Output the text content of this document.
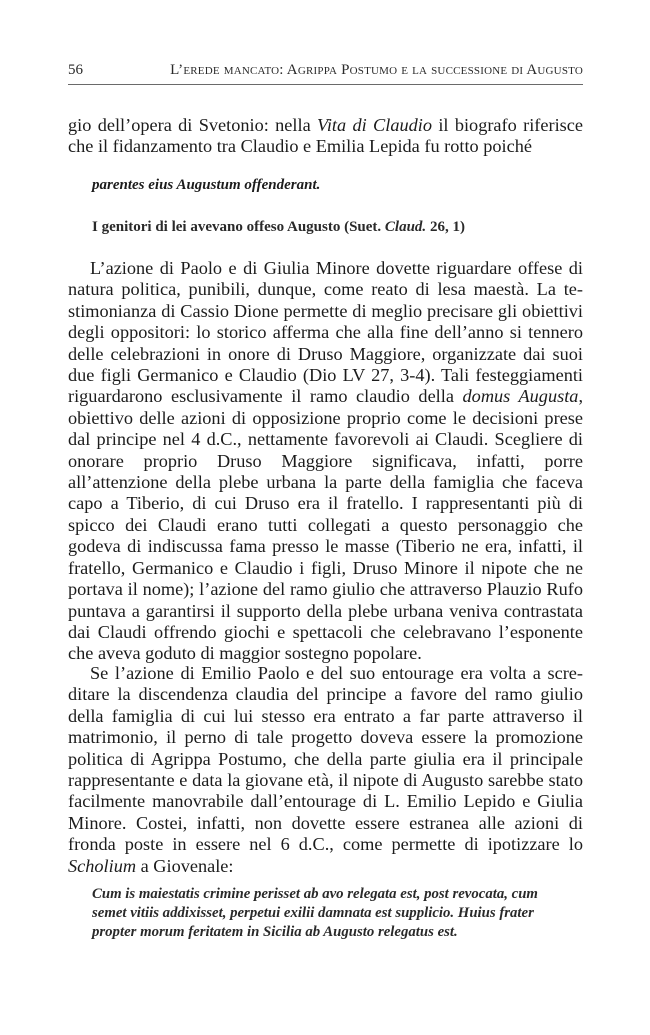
56	L’erede mancato: Agrippa Postumo e la successione di Augusto

gio dell’opera di Svetonio: nella Vita di Claudio il biografo riferisce che il fidanzamento tra Claudio e Emilia Lepida fu rotto poiché

parentes eius Augustum offenderant.
I genitori di lei avevano offeso Augusto (Suet. Claud. 26, 1)

L’azione di Paolo e di Giulia Minore dovette riguardare offese di natura politica, punibili, dunque, come reato di lesa maestà. La testimonianza di Cassio Dione permette di meglio precisare gli obiettivi degli oppositori: lo storico afferma che alla fine dell’anno si tennero delle celebrazioni in onore di Druso Maggiore, organizzate dai suoi due figli Germanico e Claudio (Dio LV 27, 3-4). Tali festeggiamenti riguardarono esclusivamente il ramo claudio della domus Augusta, obiettivo delle azioni di opposizione proprio come le decisioni prese dal principe nel 4 d.C., nettamente favorevoli ai Claudi. Scegliere di onorare proprio Druso Maggiore significava, infatti, porre all’attenzione della plebe urbana la parte della famiglia che faceva capo a Tiberio, di cui Druso era il fratello. I rappresentanti più di spicco dei Claudi erano tutti collegati a questo personaggio che godeva di indiscussa fama presso le masse (Tiberio ne era, infatti, il fratello, Germanico e Claudio i figli, Druso Minore il nipote che ne portava il nome); l’azione del ramo giulio che attraverso Plauzio Rufo puntava a garantirsi il supporto della plebe urbana veniva contrastata dai Claudi offrendo giochi e spettacoli che celebravano l’esponente che aveva goduto di maggior sostegno popolare.

Se l’azione di Emilio Paolo e del suo entourage era volta a screditare la discendenza claudia del principe a favore del ramo giulio della famiglia di cui lui stesso era entrato a far parte attraverso il matrimonio, il perno di tale progetto doveva essere la promozione politica di Agrippa Postumo, che della parte giulia era il principale rappresentante e data la giovane età, il nipote di Augusto sarebbe stato facilmente manovrabile dall’entourage di L. Emilio Lepido e Giulia Minore. Costei, infatti, non dovette essere estranea alle azioni di fronda poste in essere nel 6 d.C., come permette di ipotizzare lo Scholium a Giovenale:

Cum is maiestatis crimine perisset ab avo relegata est, post revocata, cum semet vitiis addixisset, perpetui exilii damnata est supplicio. Huius frater propter morum feritatem in Sicilia ab Augusto relegatus est.
